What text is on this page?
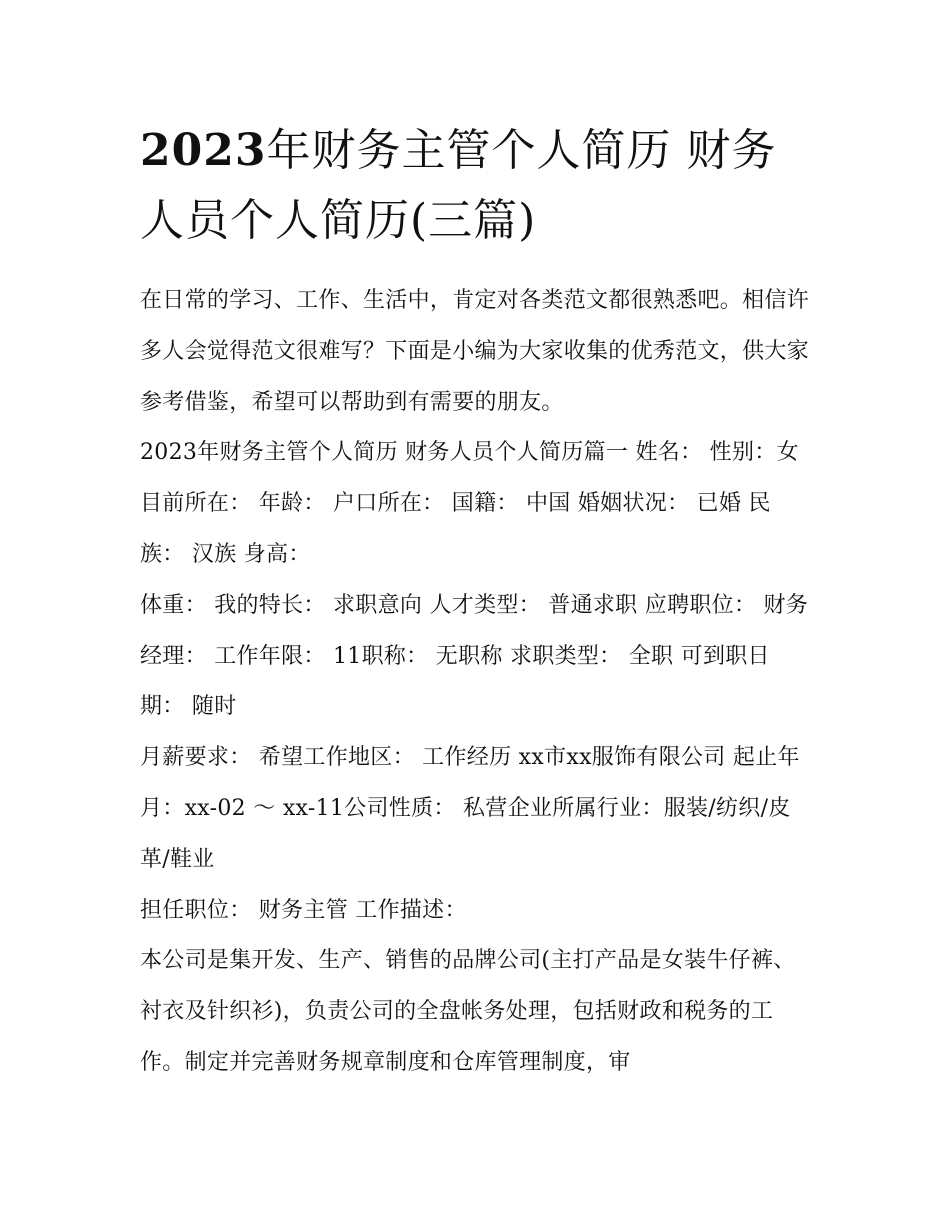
2023年财务主管个人简历 财务人员个人简历(三篇)

在日常的学习、工作、生活中，肯定对各类范文都很熟悉吧。相信许多人会觉得范文很难写？下面是小编为大家收集的优秀范文，供大家参考借鉴，希望可以帮助到有需要的朋友。

2023年财务主管个人简历 财务人员个人简历篇一 姓名： 性别：女 目前所在： 年龄： 户口所在： 国籍： 中国 婚姻状况： 已婚 民族： 汉族 身高：

体重： 我的特长： 求职意向 人才类型： 普通求职 应聘职位： 财务经理： 工作年限： 11职称： 无职称 求职类型： 全职 可到职日期： 随时

月薪要求： 希望工作地区： 工作经历 xx市xx服饰有限公司 起止年月：xx-02 ～ xx-11公司性质： 私营企业所属行业：服装/纺织/皮革/鞋业

担任职位： 财务主管 工作描述：

本公司是集开发、生产、销售的品牌公司(主打产品是女装牛仔裤、衬衣及针织衫)，负责公司的全盘帐务处理，包括财政和税务的工作。制定并完善财务规章制度和仓库管理制度，审
